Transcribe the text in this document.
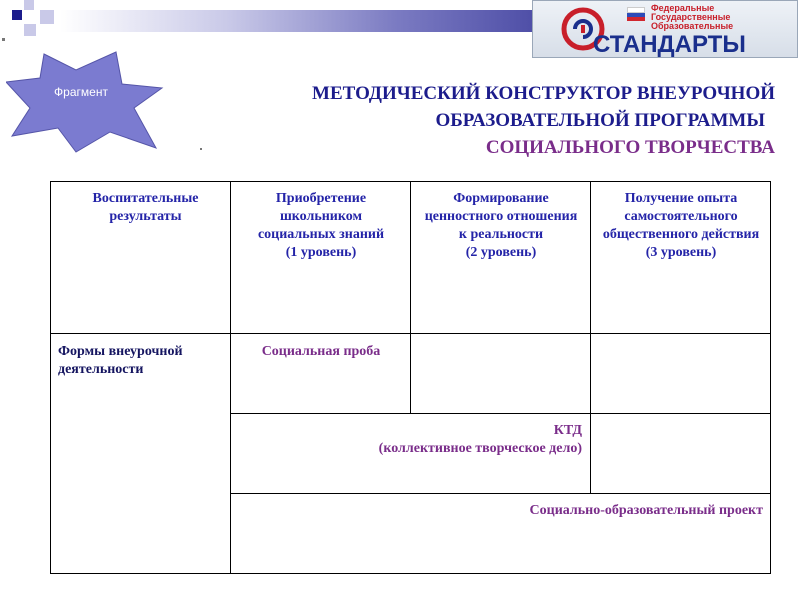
Федеральные
Государственные
Образовательные
СТАНДАРТЫ
Фрагмент	МЕТОДИЧЕСКИЙ КОНСТРУКТОР ВНЕУРОЧНОЙ
ОБРАЗОВАТЕЛЬНОЙ ПРОГРАММЫ
СОЦИАЛЬНОГО ТВОРЧЕСТВА
Воспитательные результаты
Приобретение школьником социальных знаний
(1 уровень)
Формирование ценностного отношения к реальности
(2 уровень)
Получение опыта самостоятельного общественного действия
(3 уровень)
Формы внеурочной деятельности
Социальная проба
КТД
(коллективное творческое дело)
Социально-образовательный проект
